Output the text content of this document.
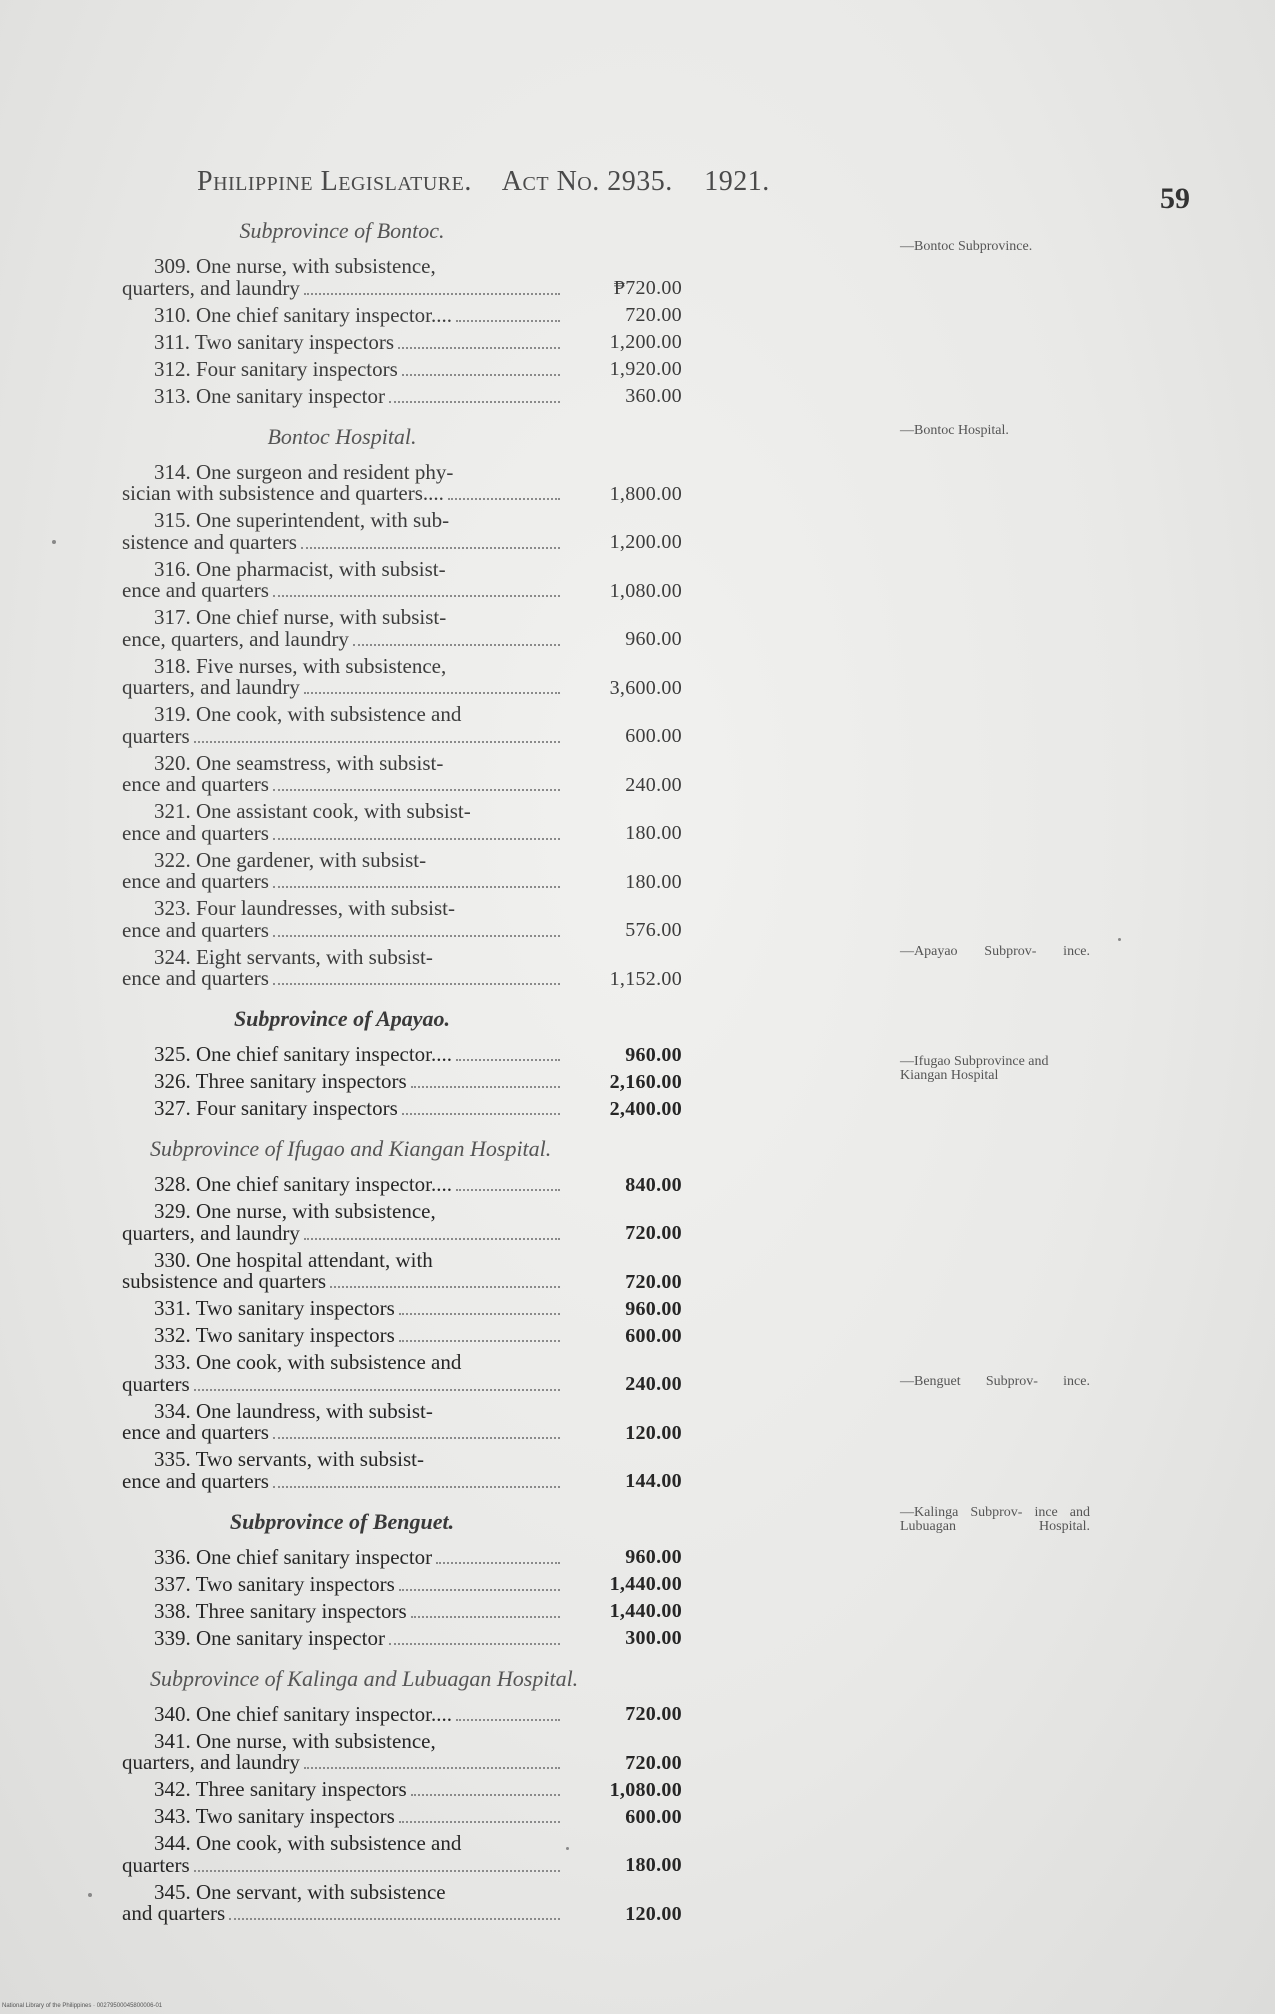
Philippine Legislature. Act No. 2935. 1921.
59
Subprovince of Bontoc.
309. One nurse, with subsistence,
quarters, and laundry	₱720.00
310. One chief sanitary inspector....	720.00
311. Two sanitary inspectors	1,200.00
312. Four sanitary inspectors	1,920.00
313. One sanitary inspector	360.00
Bontoc Hospital.
314. One surgeon and resident phy-
sician with subsistence and quarters....	1,800.00
315. One superintendent, with sub-
sistence and quarters	1,200.00
316. One pharmacist, with subsist-
ence and quarters	1,080.00
317. One chief nurse, with subsist-
ence, quarters, and laundry	960.00
318. Five nurses, with subsistence,
quarters, and laundry	3,600.00
319. One cook, with subsistence and
quarters	600.00
320. One seamstress, with subsist-
ence and quarters	240.00
321. One assistant cook, with subsist-
ence and quarters	180.00
322. One gardener, with subsist-
ence and quarters	180.00
323. Four laundresses, with subsist-
ence and quarters	576.00
324. Eight servants, with subsist-
ence and quarters	1,152.00
Subprovince of Apayao.
325. One chief sanitary inspector....	960.00
326. Three sanitary inspectors	2,160.00
327. Four sanitary inspectors	2,400.00
Subprovince of Ifugao and Kiangan Hospital.
328. One chief sanitary inspector....	840.00
329. One nurse, with subsistence,
quarters, and laundry	720.00
330. One hospital attendant, with
subsistence and quarters	720.00
331. Two sanitary inspectors	960.00
332. Two sanitary inspectors	600.00
333. One cook, with subsistence and
quarters	240.00
334. One laundress, with subsist-
ence and quarters	120.00
335. Two servants, with subsist-
ence and quarters	144.00
Subprovince of Benguet.
336. One chief sanitary inspector	960.00
337. Two sanitary inspectors	1,440.00
338. Three sanitary inspectors	1,440.00
339. One sanitary inspector	300.00
Subprovince of Kalinga and Lubuagan Hospital.
340. One chief sanitary inspector....	720.00
341. One nurse, with subsistence,
quarters, and laundry	720.00
342. Three sanitary inspectors	1,080.00
343. Two sanitary inspectors	600.00
344. One cook, with subsistence and
quarters	180.00
345. One servant, with subsistence
and quarters	120.00
—Bontoc Subprovince.
—Bontoc Hospital.
—Apayao Subprov- ince.
—Ifugao Subprovince and Kiangan Hospital
—Benguet Subprov- ince.
—Kalinga Subprov- ince and Lubuagan Hospital.
National Library of the Philippines · 00279500045800006-01
